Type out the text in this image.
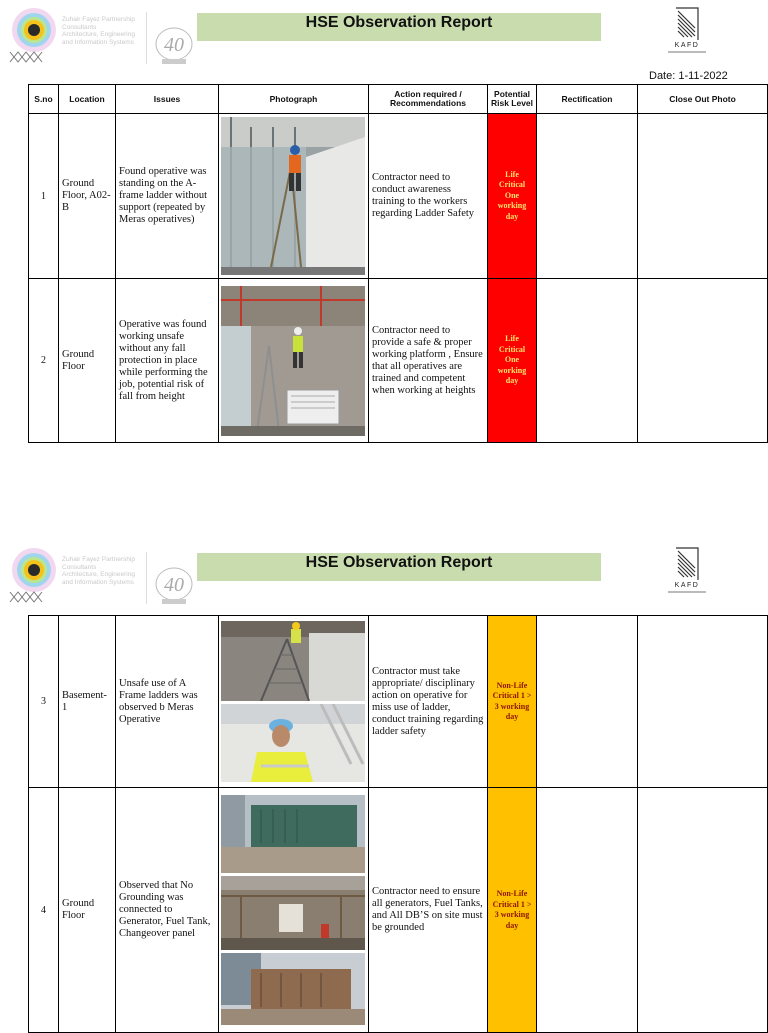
Zuhair Fayez Partnership
Consultants
Architecture, Engineering
and Information Systems	40
HSE Observation Report
KAFD
Date: 1-11-2022
S.no	Location	Issues	Photograph	Action required / Recommendations	Potential Risk Level	Rectification	Close Out Photo
1	Ground Floor, A02-B	Found operative was standing on the A-frame ladder without support (repeated by Meras operatives)		Contractor need to conduct awareness training to the workers regarding Ladder Safety	Life Critical One working day		
2	Ground Floor	Operative was found working unsafe without any fall protection in place while performing the job, potential risk of fall from height		Contractor need to provide a safe & proper working platform , Ensure that all operatives are trained and competent when working at heights	Life Critical One working day		
Zuhair Fayez Partnership
Consultants
Architecture, Engineering
and Information Systems	40
HSE Observation Report
KAFD
3	Basement-1	Unsafe use of A Frame ladders was observed b Meras Operative		Contractor must take appropriate/ disciplinary action on operative for miss use of ladder, conduct training regarding ladder safety	Non-Life Critical 1 > 3 working day		
4	Ground Floor	Observed that No Grounding was connected to Generator, Fuel Tank, Changeover panel		Contractor need to ensure all generators, Fuel Tanks, and All DB’S on site must be grounded	Non-Life Critical 1 > 3 working day		
